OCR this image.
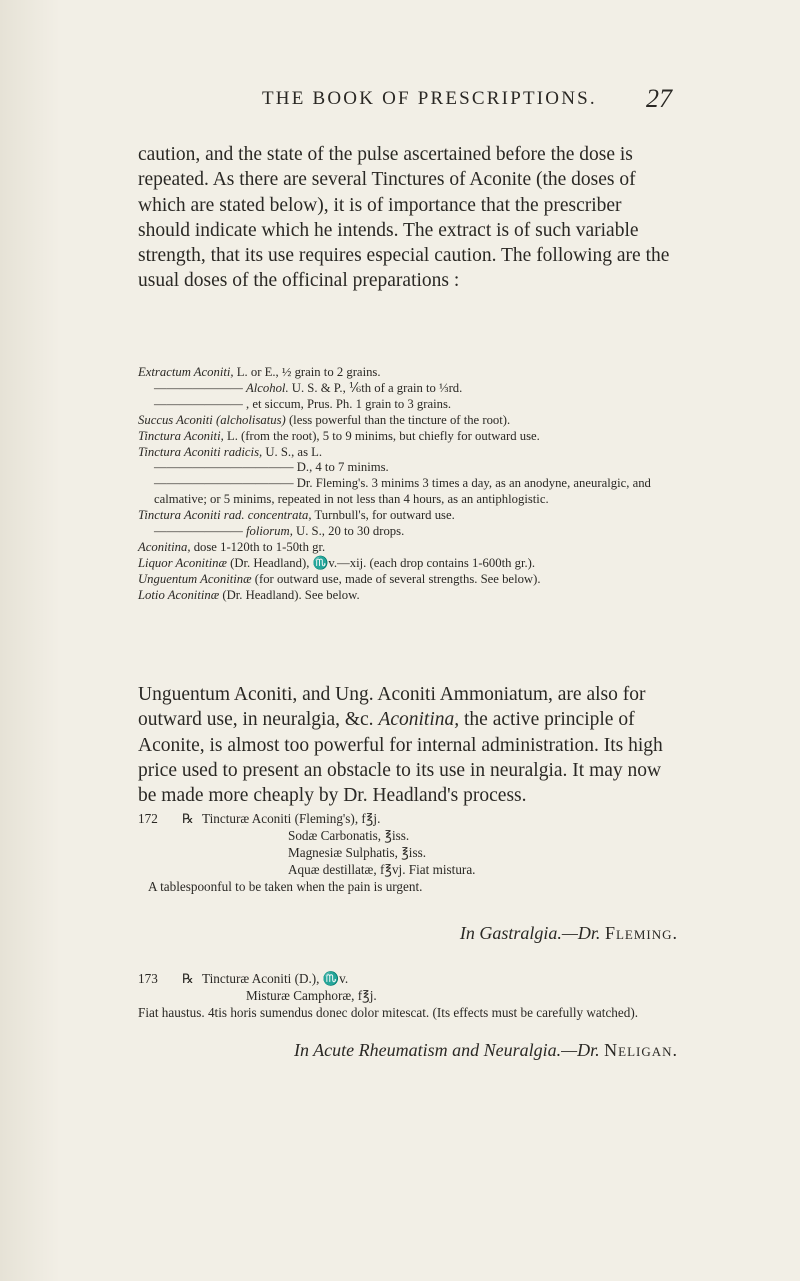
THE BOOK OF PRESCRIPTIONS. 27
caution, and the state of the pulse ascertained before the dose is repeated. As there are several Tinctures of Aconite (the doses of which are stated below), it is of importance that the prescriber should indicate which he intends. The extract is of such variable strength, that its use requires especial caution. The following are the usual doses of the officinal preparations :

Extractum Aconiti, L. or E., ½ grain to 2 grains.

——————— Alcohol. U. S. & P., ⅙th of a grain to ⅓rd.

——————— , et siccum, Prus. Ph. 1 grain to 3 grains.

Succus Aconiti (alcholisatus) (less powerful than the tincture of the root).

Tinctura Aconiti, L. (from the root), 5 to 9 minims, but chiefly for outward use.

Tinctura Aconiti radicis, U. S., as L.

——————————— D., 4 to 7 minims.

——————————— Dr. Fleming's. 3 minims 3 times a day, as an anodyne, aneuralgic, and calmative; or 5 minims, repeated in not less than 4 hours, as an antiphlogistic.

Tinctura Aconiti rad. concentrata, Turnbull's, for outward use.

——————— foliorum, U. S., 20 to 30 drops.

Aconitina, dose 1-120th to 1-50th gr.

Liquor Aconitinæ (Dr. Headland), ♏v.—xij. (each drop contains 1-600th gr.).

Unguentum Aconitinæ (for outward use, made of several strengths. See below).

Lotio Aconitinæ (Dr. Headland). See below.

Unguentum Aconiti, and Ung. Aconiti Ammoniatum, are also for outward use, in neuralgia, &c. Aconitina, the active principle of Aconite, is almost too powerful for internal administration. Its high price used to present an obstacle to its use in neuralgia. It may now be made more cheaply by Dr. Headland's process.

172 ℞ Tincturæ Aconiti (Fleming's), f℥j.

Sodæ Carbonatis, ℥iss.

Magnesiæ Sulphatis, ℥iss.

Aquæ destillatæ, f℥vj. Fiat mistura.

A tablespoonful to be taken when the pain is urgent.

In Gastralgia.—Dr. Fleming.

173 ℞ Tincturæ Aconiti (D.), ♏v.

Misturæ Camphoræ, f℥j.

Fiat haustus. 4tis horis sumendus donec dolor mitescat. (Its effects must be carefully watched).

In Acute Rheumatism and Neuralgia.—Dr. Neligan.
